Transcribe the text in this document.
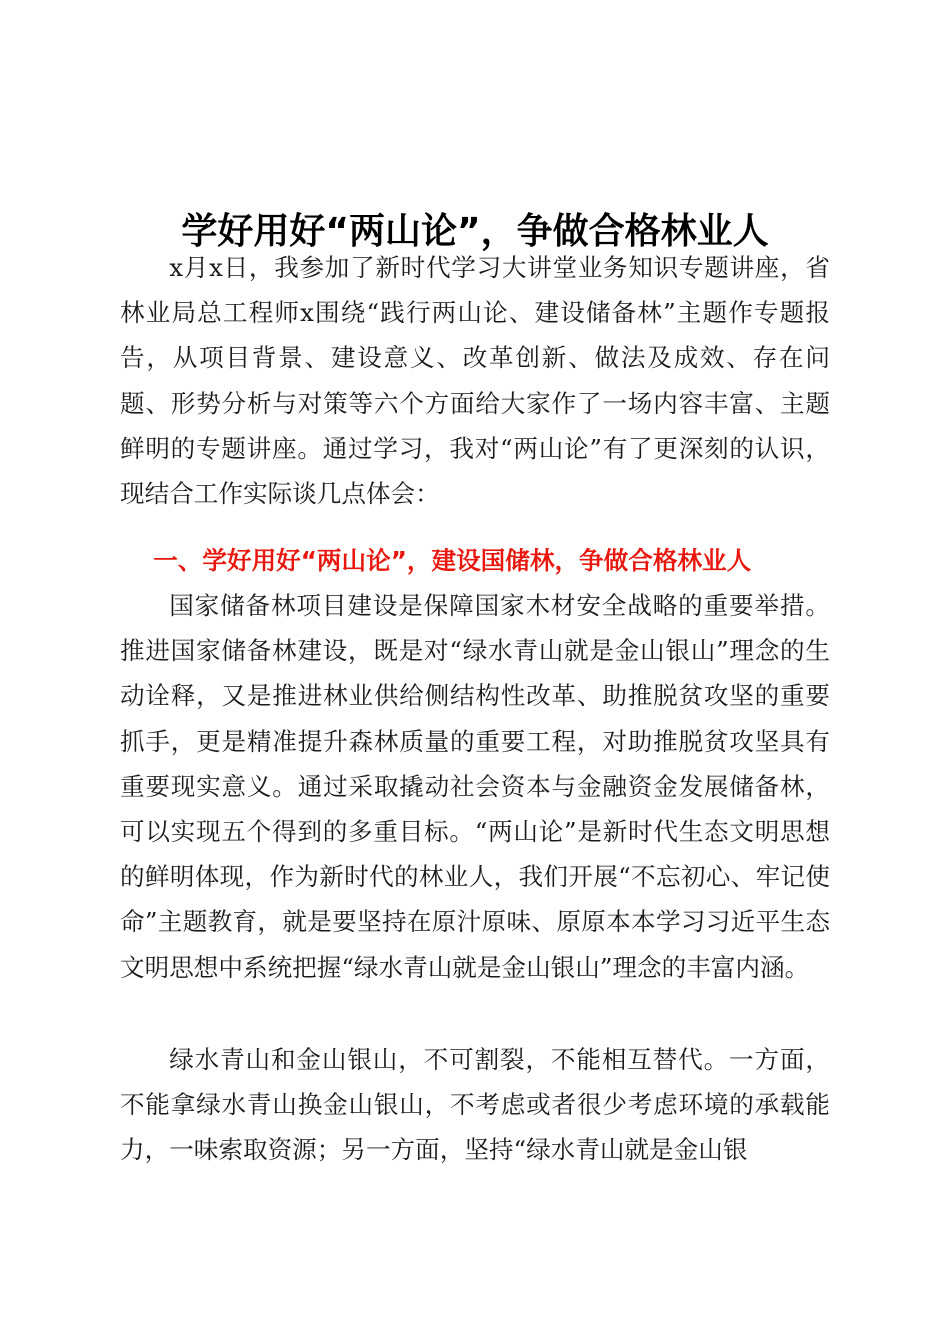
学好用好“两山论”，争做合格林业人

x月x日，我参加了新时代学习大讲堂业务知识专题讲座，省林业局总工程师x围绕“践行两山论、建设储备林”主题作专题报告，从项目背景、建设意义、改革创新、做法及成效、存在问题、形势分析与对策等六个方面给大家作了一场内容丰富、主题鲜明的专题讲座。通过学习，我对“两山论”有了更深刻的认识，现结合工作实际谈几点体会：

一、学好用好“两山论”，建设国储林，争做合格林业人

国家储备林项目建设是保障国家木材安全战略的重要举措。推进国家储备林建设，既是对“绿水青山就是金山银山”理念的生动诠释，又是推进林业供给侧结构性改革、助推脱贫攻坚的重要抓手，更是精准提升森林质量的重要工程，对助推脱贫攻坚具有重要现实意义。通过采取撬动社会资本与金融资金发展储备林，可以实现五个得到的多重目标。“两山论”是新时代生态文明思想的鲜明体现，作为新时代的林业人，我们开展“不忘初心、牢记使命”主题教育，就是要坚持在原汁原味、原原本本学习习近平生态文明思想中系统把握“绿水青山就是金山银山”理念的丰富内涵。

绿水青山和金山银山，不可割裂，不能相互替代。一方面，不能拿绿水青山换金山银山，不考虑或者很少考虑环境的承载能力，一味索取资源；另一方面，坚持“绿水青山就是金山银
